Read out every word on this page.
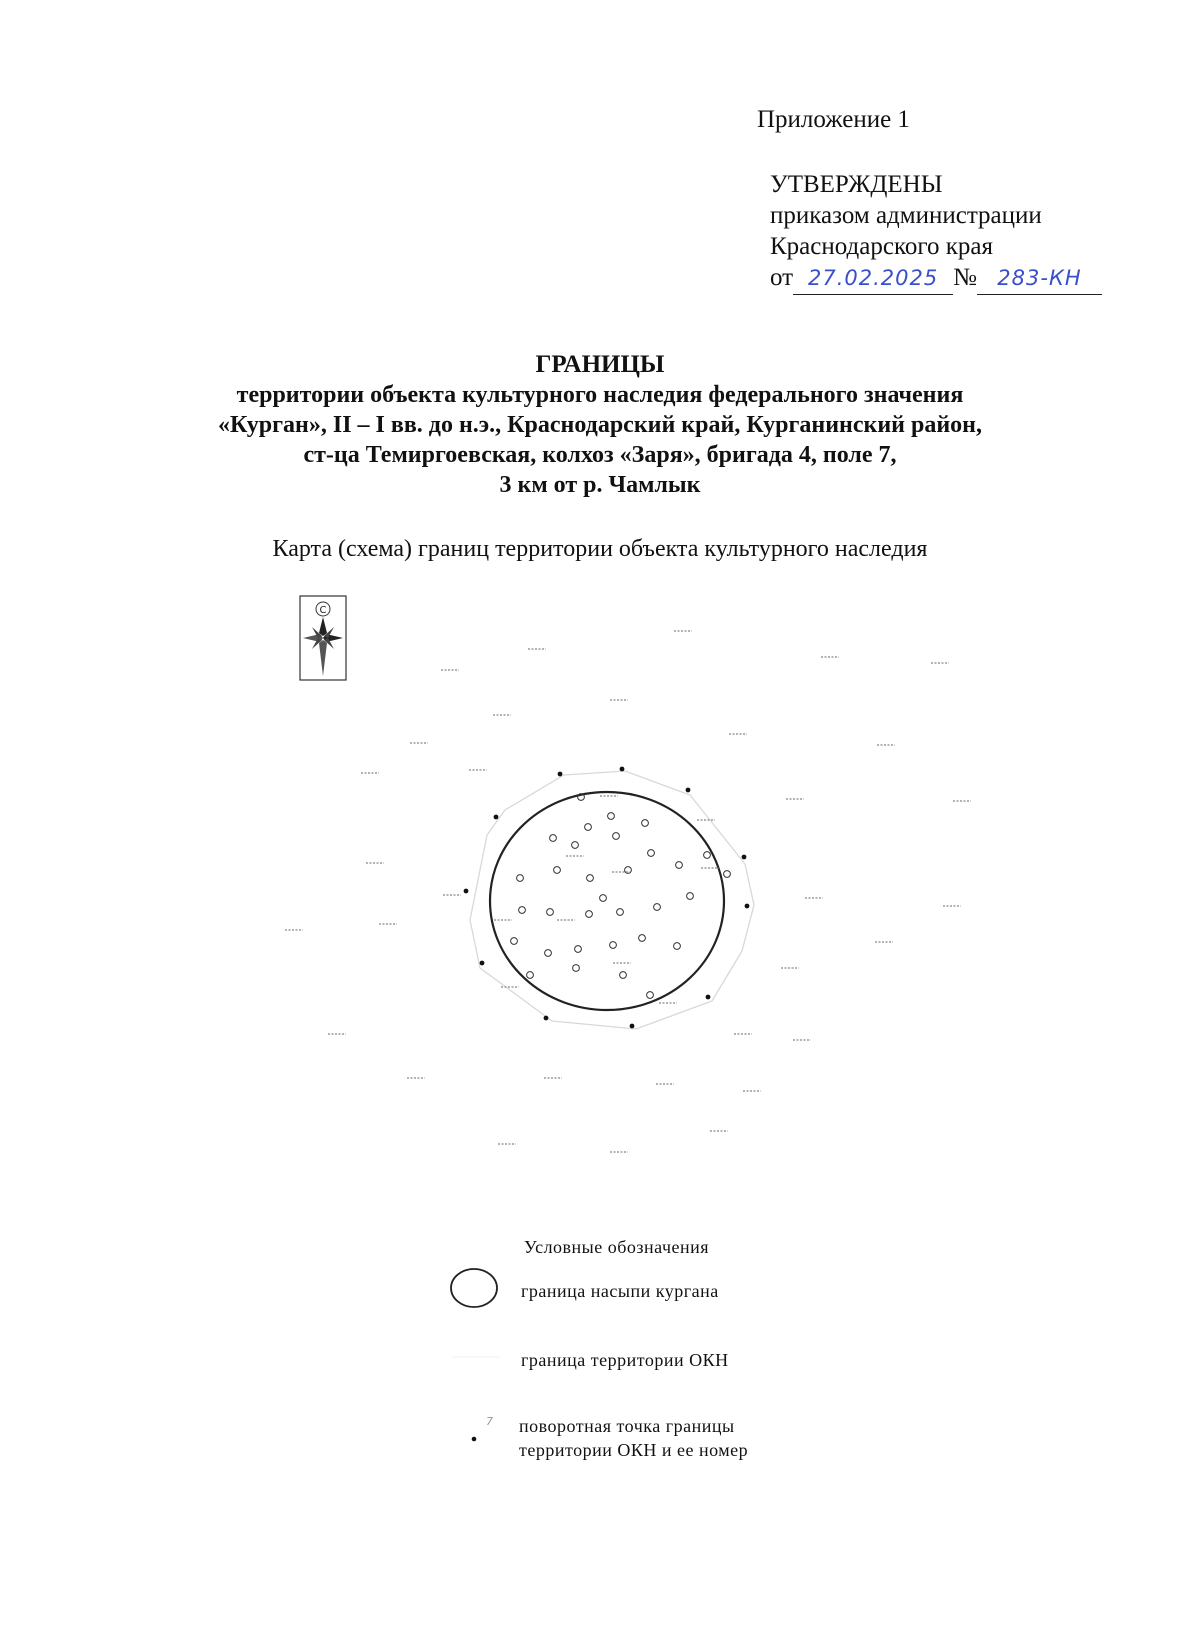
Приложение 1
УТВЕРЖДЕНЫ
приказом администрации
Краснодарского края
от 27.02.2025 № 283-КН
ГРАНИЦЫ
территории объекта культурного наследия федерального значения
«Курган», II – I вв. до н.э., Краснодарский край, Курганинский район,
ст-ца Темиргоевская, колхоз «Заря», бригада 4, поле 7,
3 км от р. Чамлык
Карта (схема) границ территории объекта культурного наследия
С
7
Условные обозначения
граница насыпи кургана
граница территории ОКН
поворотная точка границы
территории ОКН и ее номер
